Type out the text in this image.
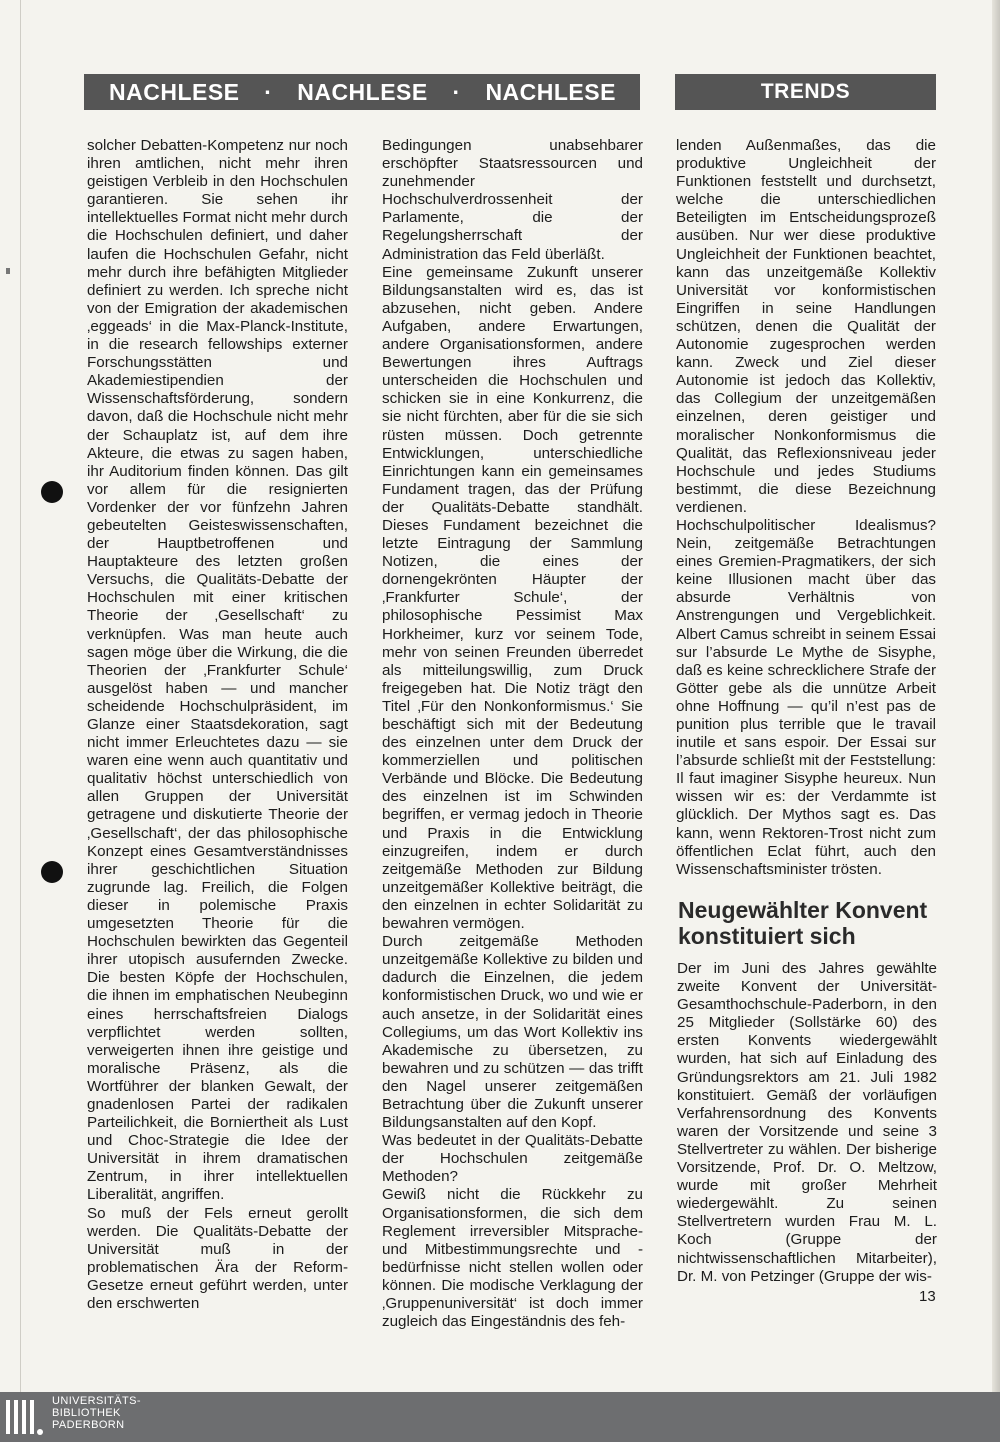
NACHLESE · NACHLESE · NACHLESE	TRENDS

solcher Debatten-Kompetenz nur noch ihren amtlichen, nicht mehr ihren geistigen Verbleib in den Hochschulen garantieren. Sie sehen ihr intellektuelles Format nicht mehr durch die Hochschulen definiert, und daher laufen die Hochschulen Gefahr, nicht mehr durch ihre befähigten Mitglieder definiert zu werden. Ich spreche nicht von der Emigration der akademischen ‚eggeads‘ in die Max-Planck-Institute, in die research fellowships externer Forschungsstätten und Akademiestipendien der Wissenschaftsförderung, sondern davon, daß die Hochschule nicht mehr der Schauplatz ist, auf dem ihre Akteure, die etwas zu sagen haben, ihr Auditorium finden können. Das gilt vor allem für die resignierten Vordenker der vor fünfzehn Jahren gebeutelten Geisteswissenschaften, der Hauptbetroffenen und Hauptakteure des letzten großen Versuchs, die Qualitäts-Debatte der Hochschulen mit einer kritischen Theorie der ‚Gesellschaft‘ zu verknüpfen. Was man heute auch sagen möge über die Wirkung, die die Theorien der ‚Frankfurter Schule‘ ausgelöst haben — und mancher scheidende Hochschulpräsident, im Glanze einer Staatsdekoration, sagt nicht immer Erleuchtetes dazu — sie waren eine wenn auch quantitativ und qualitativ höchst unterschiedlich von allen Gruppen der Universität getragene und diskutierte Theorie der ‚Gesellschaft‘, der das philosophische Konzept eines Gesamtverständnisses ihrer geschichtlichen Situation zugrunde lag. Freilich, die Folgen dieser in polemische Praxis umgesetzten Theorie für die Hochschulen bewirkten das Gegenteil ihrer utopisch ausufernden Zwecke. Die besten Köpfe der Hochschulen, die ihnen im emphatischen Neubeginn eines herrschaftsfreien Dialogs verpflichtet werden sollten, verweigerten ihnen ihre geistige und moralische Präsenz, als die Wortführer der blanken Gewalt, der gnadenlosen Partei der radikalen Parteilichkeit, die Borniertheit als Lust und Choc-Strategie die Idee der Universität in ihrem dramatischen Zentrum, in ihrer intellektuellen Liberalität, angriffen.

So muß der Fels erneut gerollt werden. Die Qualitäts-Debatte der Universität muß in der problematischen Ära der Reform-Gesetze erneut geführt werden, unter den erschwerten

Bedingungen unabsehbarer erschöpfter Staatsressourcen und zunehmender Hochschulverdrossenheit der Parlamente, die der Regelungsherrschaft der Administration das Feld überläßt.

Eine gemeinsame Zukunft unserer Bildungsanstalten wird es, das ist abzusehen, nicht geben. Andere Aufgaben, andere Erwartungen, andere Organisationsformen, andere Bewertungen ihres Auftrags unterscheiden die Hochschulen und schicken sie in eine Konkurrenz, die sie nicht fürchten, aber für die sie sich rüsten müssen. Doch getrennte Entwicklungen, unterschiedliche Einrichtungen kann ein gemeinsames Fundament tragen, das der Prüfung der Qualitäts-Debatte standhält. Dieses Fundament bezeichnet die letzte Eintragung der Sammlung Notizen, die eines der dornengekrönten Häupter der ‚Frankfurter Schule‘, der philosophische Pessimist Max Horkheimer, kurz vor seinem Tode, mehr von seinen Freunden überredet als mitteilungswillig, zum Druck freigegeben hat. Die Notiz trägt den Titel ‚Für den Nonkonformismus.‘ Sie beschäftigt sich mit der Bedeutung des einzelnen unter dem Druck der kommerziellen und politischen Verbände und Blöcke. Die Bedeutung des einzelnen ist im Schwinden begriffen, er vermag jedoch in Theorie und Praxis in die Entwicklung einzugreifen, indem er durch zeitgemäße Methoden zur Bildung unzeitgemäßer Kollektive beiträgt, die den einzelnen in echter Solidarität zu bewahren vermögen.

Durch zeitgemäße Methoden unzeitgemäße Kollektive zu bilden und dadurch die Einzelnen, die jedem konformistischen Druck, wo und wie er auch ansetze, in der Solidarität eines Collegiums, um das Wort Kollektiv ins Akademische zu übersetzen, zu bewahren und zu schützen — das trifft den Nagel unserer zeitgemäßen Betrachtung über die Zukunft unserer Bildungsanstalten auf den Kopf.

Was bedeutet in der Qualitäts-Debatte der Hochschulen zeitgemäße Methoden?

Gewiß nicht die Rückkehr zu Organisationsformen, die sich dem Reglement irreversibler Mitsprache- und Mitbestimmungsrechte und -bedürfnisse nicht stellen wollen oder können. Die modische Verklagung der ‚Gruppenuniversität‘ ist doch immer zugleich das Eingeständnis des feh-

lenden Außenmaßes, das die produktive Ungleichheit der Funktionen feststellt und durchsetzt, welche die unterschiedlichen Beteiligten im Entscheidungsprozeß ausüben. Nur wer diese produktive Ungleichheit der Funktionen beachtet, kann das unzeitgemäße Kollektiv Universität vor konformistischen Eingriffen in seine Handlungen schützen, denen die Qualität der Autonomie zugesprochen werden kann. Zweck und Ziel dieser Autonomie ist jedoch das Kollektiv, das Collegium der unzeitgemäßen einzelnen, deren geistiger und moralischer Nonkonformismus die Qualität, das Reflexionsniveau jeder Hochschule und jedes Studiums bestimmt, die diese Bezeichnung verdienen.

Hochschulpolitischer Idealismus? Nein, zeitgemäße Betrachtungen eines Gremien-Pragmatikers, der sich keine Illusionen macht über das absurde Verhältnis von Anstrengungen und Vergeblichkeit. Albert Camus schreibt in seinem Essai sur l’absurde Le Mythe de Sisyphe, daß es keine schrecklichere Strafe der Götter gebe als die unnütze Arbeit ohne Hoffnung — qu’il n’est pas de punition plus terrible que le travail inutile et sans espoir. Der Essai sur l’absurde schließt mit der Feststellung: Il faut imaginer Sisyphe heureux. Nun wissen wir es: der Verdammte ist glücklich. Der Mythos sagt es. Das kann, wenn Rektoren-Trost nicht zum öffentlichen Eclat führt, auch den Wissenschaftsminister trösten.

Neugewählter Konvent
konstituiert sich

Der im Juni des Jahres gewählte zweite Konvent der Universität-Gesamthochschule-Paderborn, in den 25 Mitglieder (Sollstärke 60) des ersten Konvents wiedergewählt wurden, hat sich auf Einladung des Gründungsrektors am 21. Juli 1982 konstituiert. Gemäß der vorläufigen Verfahrensordnung des Konvents waren der Vorsitzende und seine 3 Stellvertreter zu wählen. Der bisherige Vorsitzende, Prof. Dr. O. Meltzow, wurde mit großer Mehrheit wiedergewählt. Zu seinen Stellvertretern wurden Frau M. L. Koch (Gruppe der nichtwissenschaftlichen Mitarbeiter), Dr. M. von Petzinger (Gruppe der wis-

13
UNIVERSITÄTS-
BIBLIOTHEK
PADERBORN
